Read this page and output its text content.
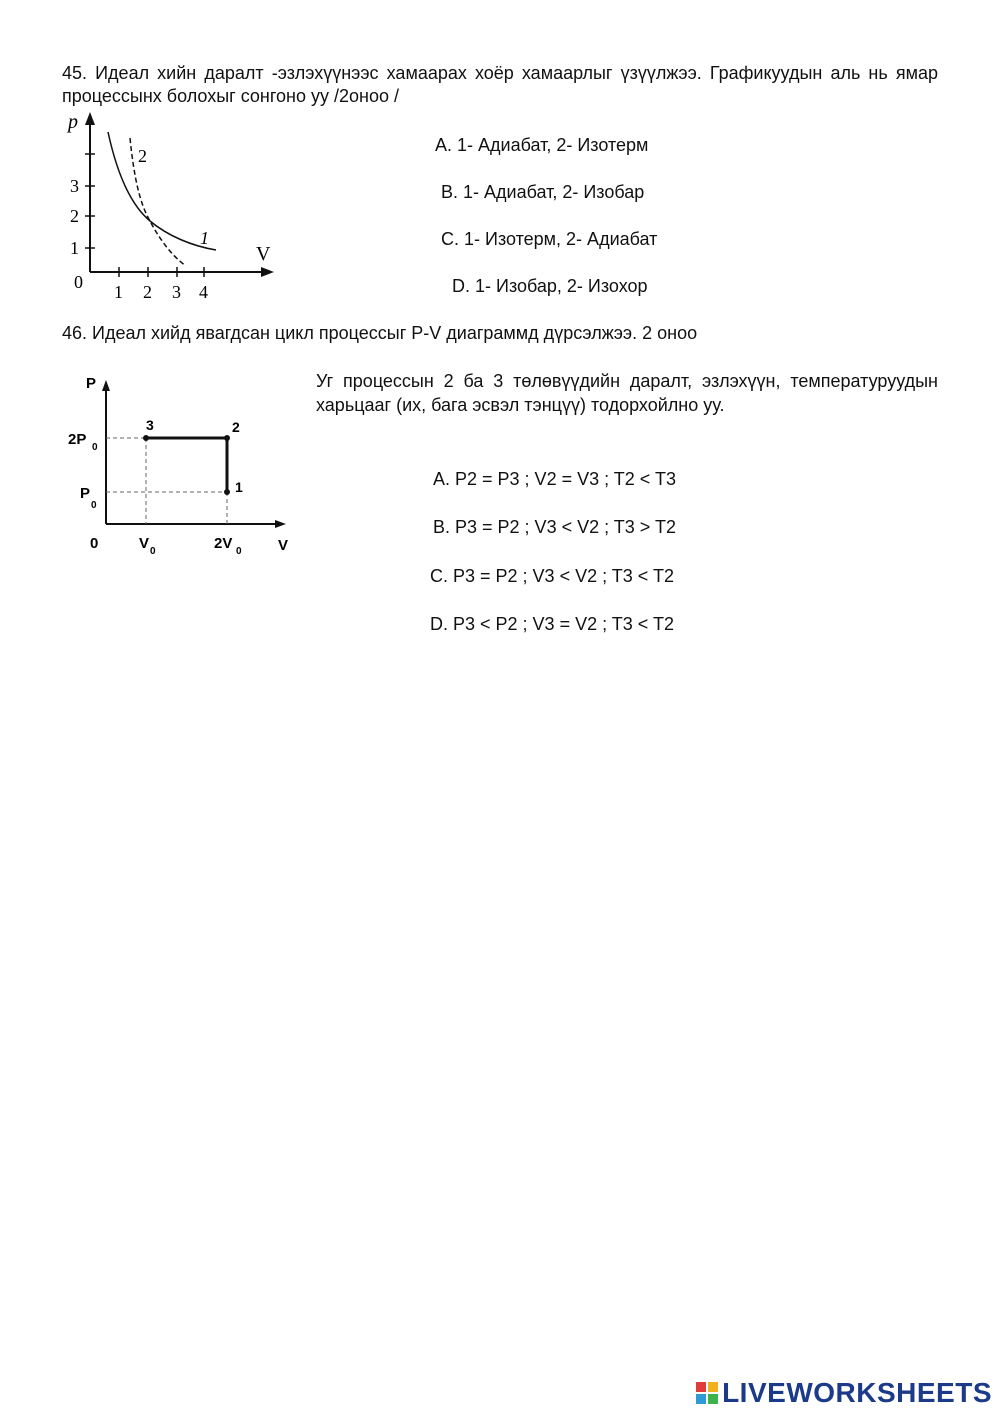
45. Идеал хийн даралт -эзлэхүүнээс хамаарах хоёр хамаарлыг үзүүлжээ. Графикуудын аль нь ямар процессынх болохыг сонгоно уу /2оноо /
p
V
0
3
2
1
1 2 3 4
2
1
A. 1- Адиабат, 2- Изотерм
B. 1- Адиабат, 2- Изобар
C. 1- Изотерм, 2- Адиабат
D. 1- Изобар, 2- Изохор
46. Идеал хийд явагдсан цикл процессыг P-V диаграммд дүрсэлжээ. 2 оноо
P
V
0
2P 0
P
0
V 0	2V 0
3	2
1
Уг процессын 2 ба 3 төлөвүүдийн даралт, эзлэхүүн, температуруудын харьцааг (их, бага эсвэл тэнцүү) тодорхойлно уу.
A. P2 = P3 ; V2 = V3 ; T2 < T3
B. P3 = P2 ; V3 < V2 ; T3 > T2
C. P3 = P2 ; V3 < V2 ; T3 < T2
D. P3 < P2 ; V3 = V2 ; T3 < T2
LIVEWORKSHEETS
